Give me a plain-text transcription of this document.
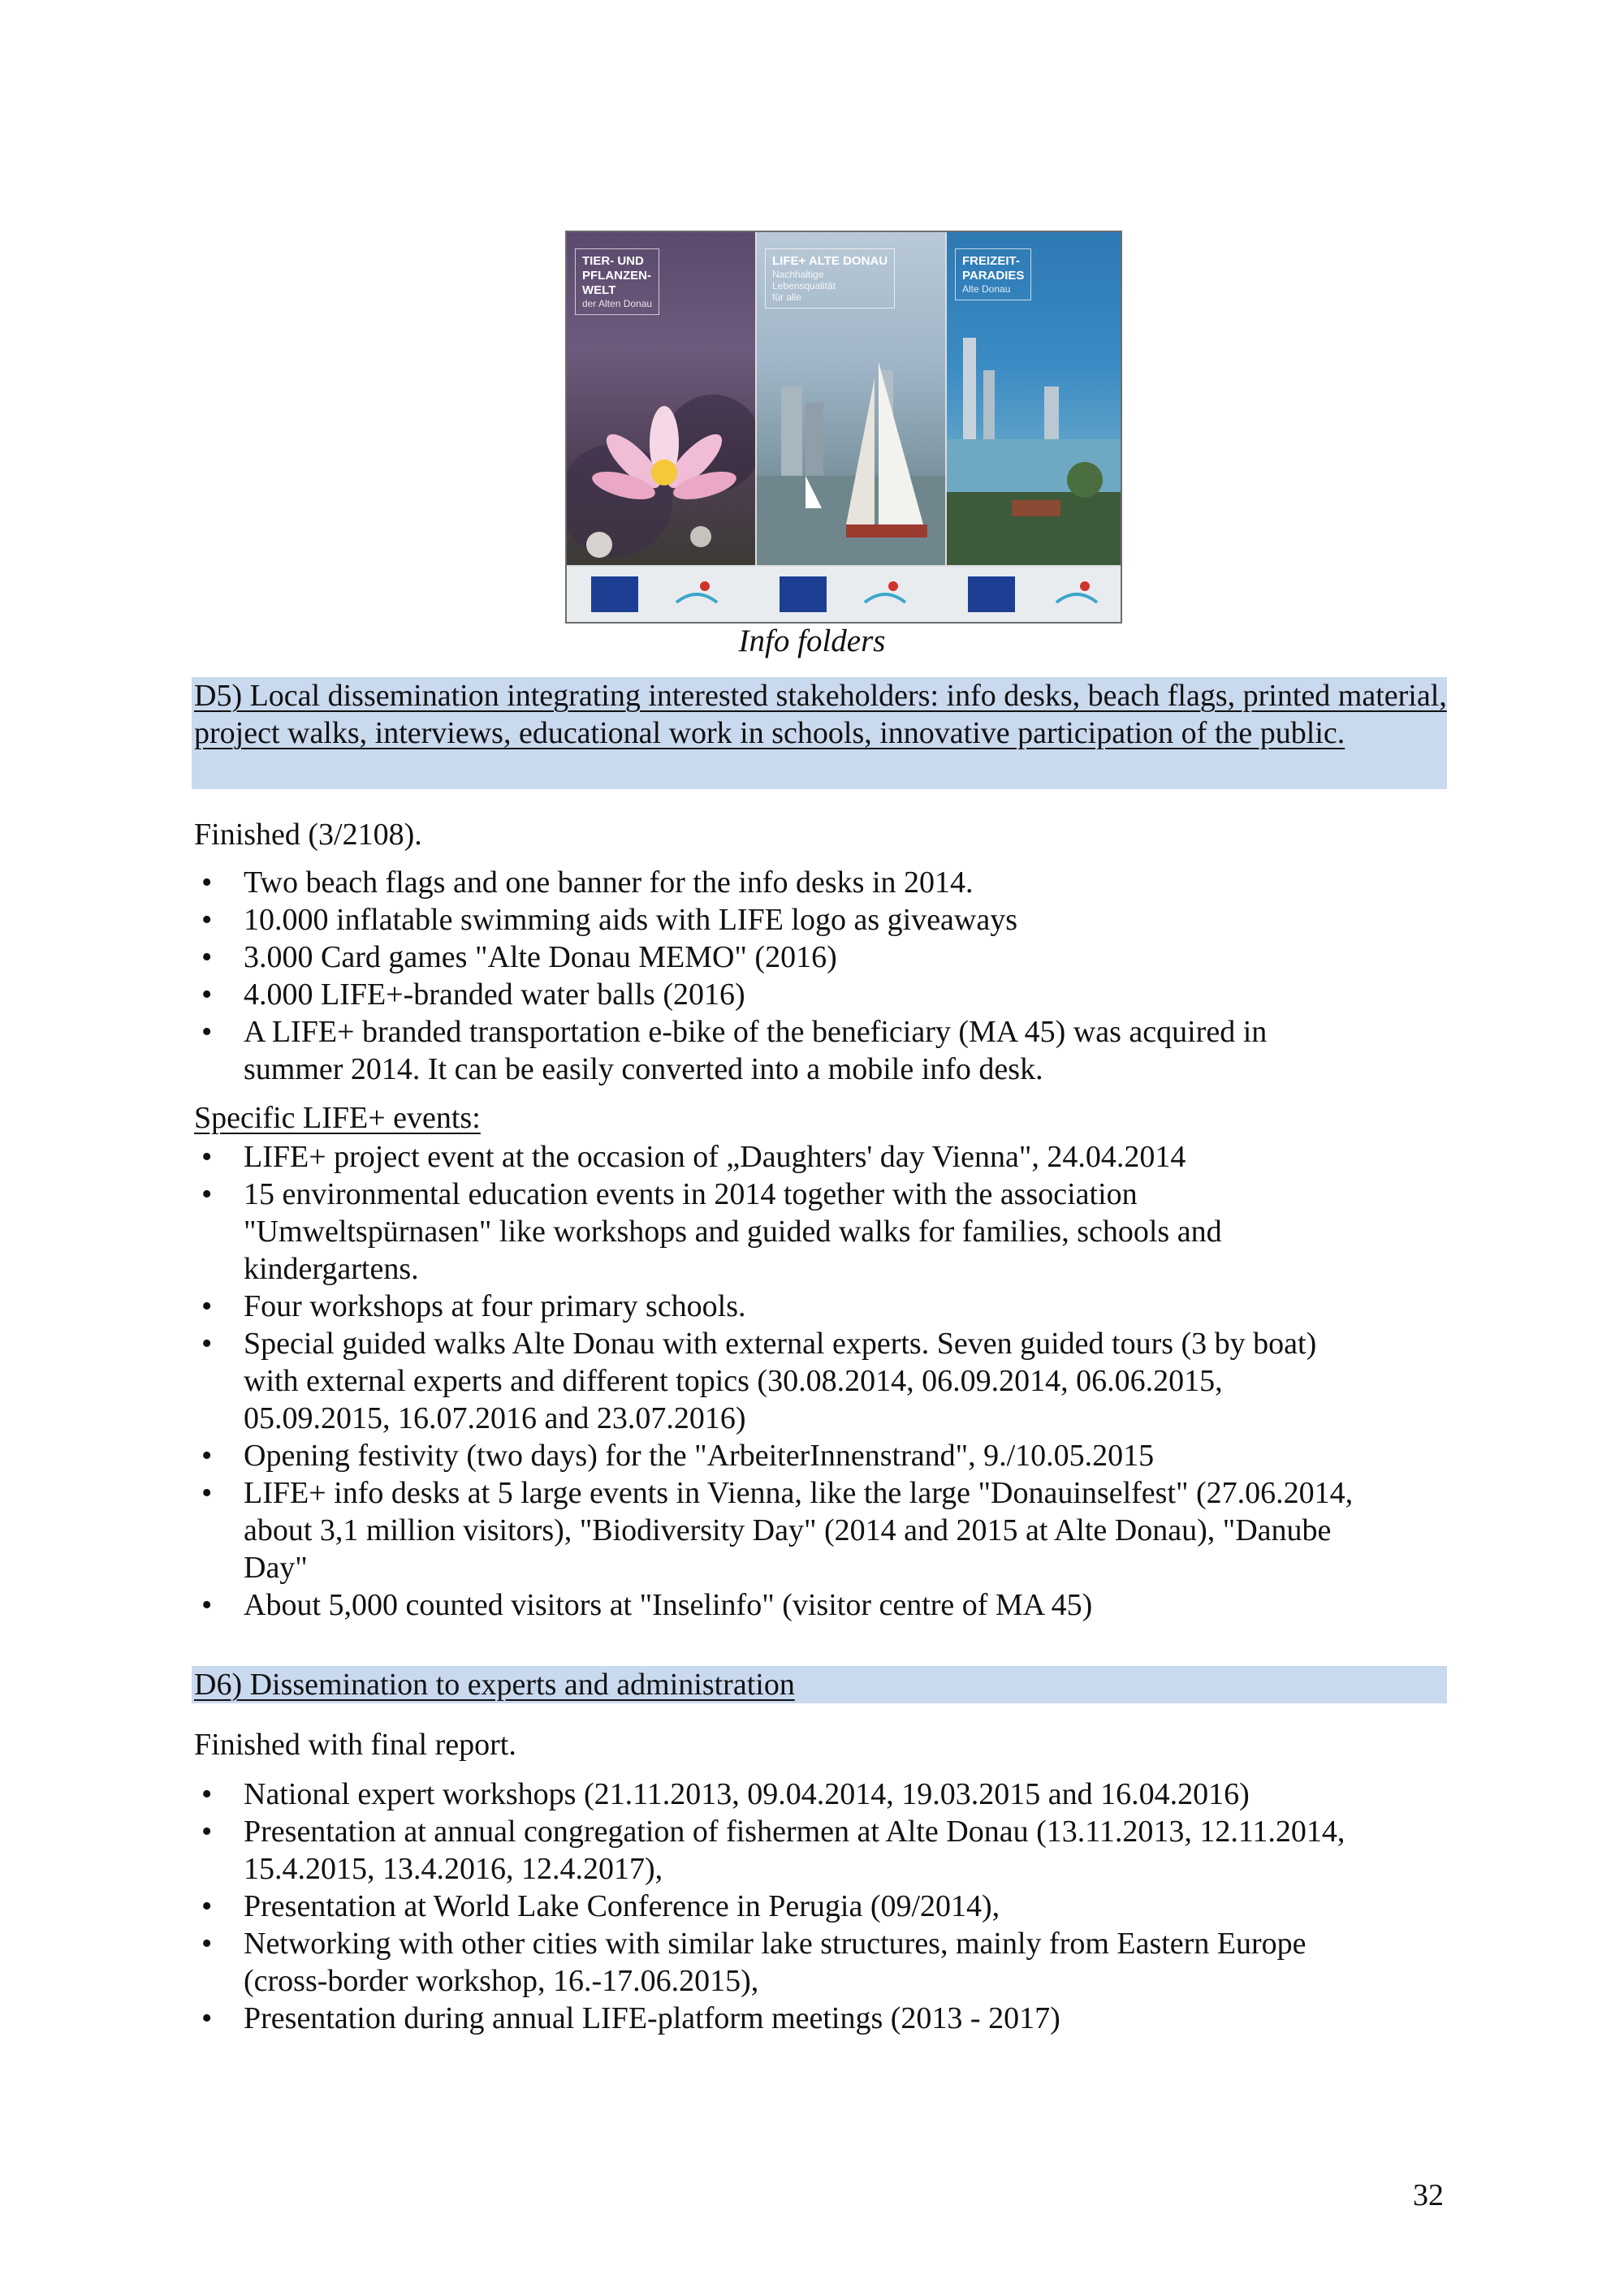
TIER- UND
PFLANZEN-
WELT
der Alten Donau
LIFE+ ALTE DONAU
Nachhaltige
Lebensqualität
für alle
FREIZEIT-
PARADIES
Alte Donau
Info folders

D5) Local dissemination integrating interested stakeholders: info desks, beach flags, printed material, project walks, interviews, educational work in schools, innovative participation of the public.

Finished (3/2108).

• Two beach flags and one banner for the info desks in 2014.
• 10.000 inflatable swimming aids with LIFE logo as giveaways
• 3.000 Card games "Alte Donau MEMO" (2016)
• 4.000 LIFE+-branded water balls (2016)
• A LIFE+ branded transportation e-bike of the beneficiary (MA 45) was acquired in summer 2014. It can be easily converted into a mobile info desk.

Specific LIFE+ events:

• LIFE+ project event at the occasion of „Daughters' day Vienna", 24.04.2014
• 15 environmental education events in 2014 together with the association "Umweltspürnasen" like workshops and guided walks for families, schools and kindergartens.
• Four workshops at four primary schools.
• Special guided walks Alte Donau with external experts. Seven guided tours (3 by boat) with external experts and different topics (30.08.2014, 06.09.2014, 06.06.2015, 05.09.2015, 16.07.2016 and 23.07.2016)
• Opening festivity (two days) for the "ArbeiterInnenstrand", 9./10.05.2015
• LIFE+ info desks at 5 large events in Vienna, like the large "Donauinselfest" (27.06.2014, about 3,1 million visitors), "Biodiversity Day" (2014 and 2015 at Alte Donau), "Danube Day"
• About 5,000 counted visitors at "Inselinfo" (visitor centre of MA 45)

D6) Dissemination to experts and administration

Finished with final report.

• National expert workshops (21.11.2013, 09.04.2014, 19.03.2015 and 16.04.2016)
• Presentation at annual congregation of fishermen at Alte Donau (13.11.2013, 12.11.2014, 15.4.2015, 13.4.2016, 12.4.2017),
• Presentation at World Lake Conference in Perugia (09/2014),
• Networking with other cities with similar lake structures, mainly from Eastern Europe (cross-border workshop, 16.-17.06.2015),
• Presentation during annual LIFE-platform meetings (2013 - 2017)
32
